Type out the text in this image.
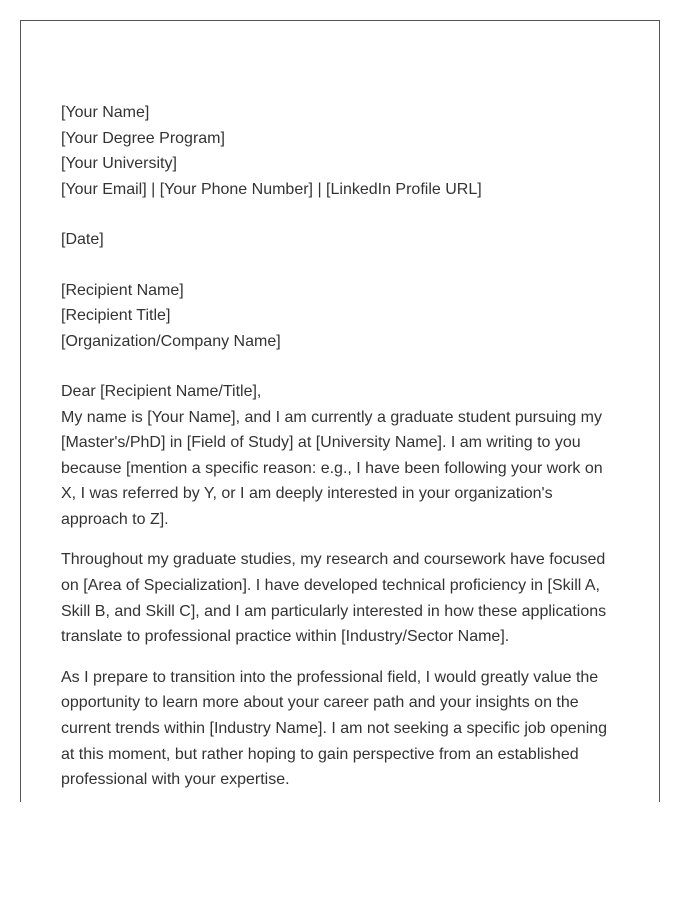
[Your Name]
[Your Degree Program]
[Your University]
[Your Email] | [Your Phone Number] | [LinkedIn Profile URL]
[Date]
[Recipient Name]
[Recipient Title]
[Organization/Company Name]
Dear [Recipient Name/Title],
My name is [Your Name], and I am currently a graduate student pursuing my
[Master's/PhD] in [Field of Study] at [University Name]. I am writing to you
because [mention a specific reason: e.g., I have been following your work on
X, I was referred by Y, or I am deeply interested in your organization's
approach to Z].
Throughout my graduate studies, my research and coursework have focused
on [Area of Specialization]. I have developed technical proficiency in [Skill A,
Skill B, and Skill C], and I am particularly interested in how these applications
translate to professional practice within [Industry/Sector Name].
As I prepare to transition into the professional field, I would greatly value the
opportunity to learn more about your career path and your insights on the
current trends within [Industry Name]. I am not seeking a specific job opening
at this moment, but rather hoping to gain perspective from an established
professional with your expertise.
